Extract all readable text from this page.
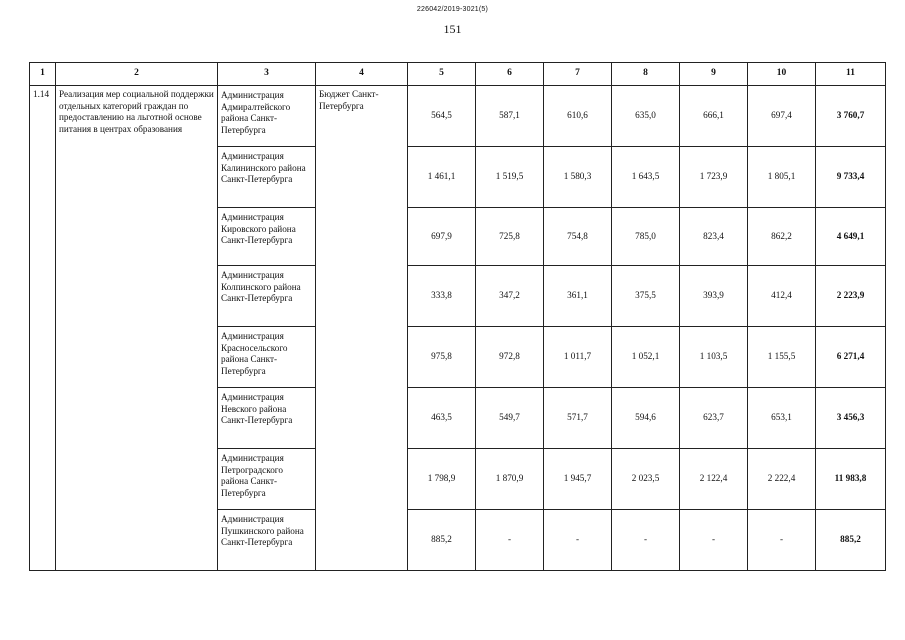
226042/2019-3021(5)
151
1	2	3	4	5	6	7	8	9	10	11
1.14	Реализация мер социальной поддержки отдельных категорий граждан по предоставлению на льготной основе питания в центрах образования	Администрация Адмиралтейского района Санкт-Петербурга	Бюджет Санкт-Петербурга	564,5	587,1	610,6	635,0	666,1	697,4	3 760,7
		Администрация Калининского района Санкт-Петербурга		1 461,1	1 519,5	1 580,3	1 643,5	1 723,9	1 805,1	9 733,4
		Администрация Кировского района Санкт-Петербурга		697,9	725,8	754,8	785,0	823,4	862,2	4 649,1
		Администрация Колпинского района Санкт-Петербурга		333,8	347,2	361,1	375,5	393,9	412,4	2 223,9
		Администрация Красносельского района Санкт-Петербурга		975,8	972,8	1 011,7	1 052,1	1 103,5	1 155,5	6 271,4
		Администрация Невского района Санкт-Петербурга		463,5	549,7	571,7	594,6	623,7	653,1	3 456,3
		Администрация Петроградского района Санкт-Петербурга		1 798,9	1 870,9	1 945,7	2 023,5	2 122,4	2 222,4	11 983,8
		Администрация Пушкинского района Санкт-Петербурга		885,2	-	-	-	-	-	885,2
